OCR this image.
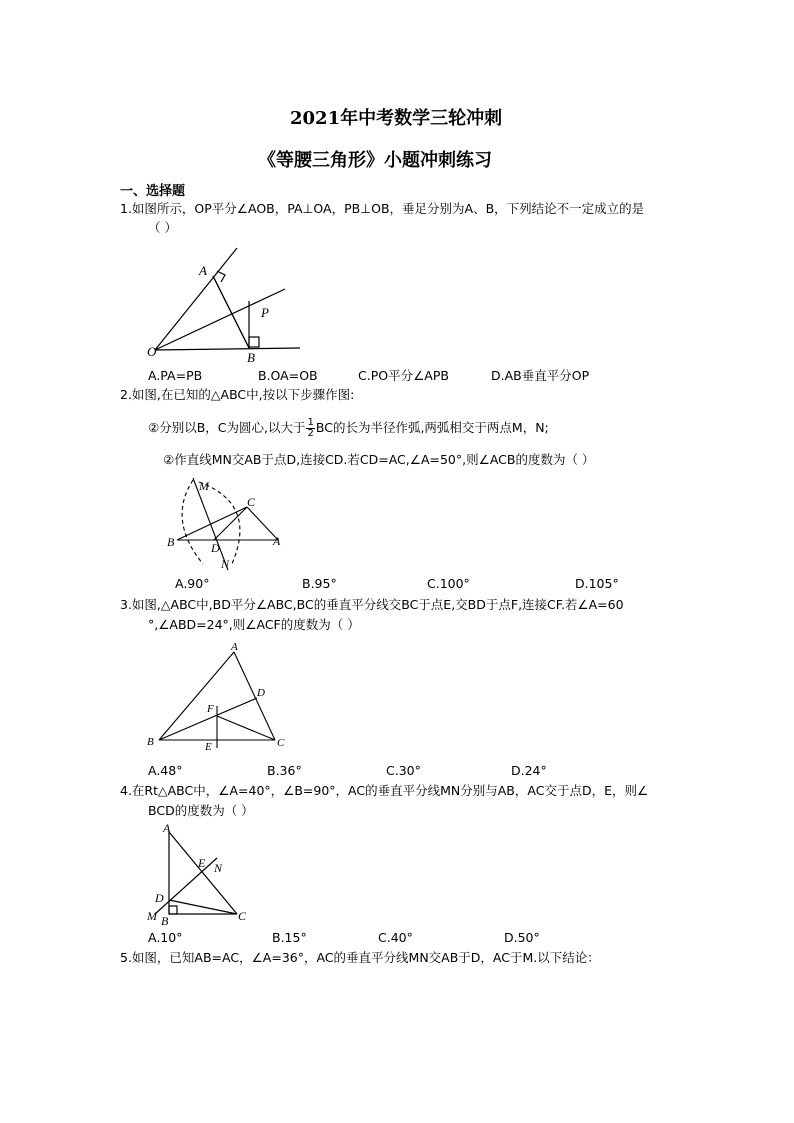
2021年中考数学三轮冲刺
《等腰三角形》小题冲刺练习
一、选择题
1.如图所示，OP平分∠AOB，PA⊥OA，PB⊥OB，垂足分别为A、B，下列结论不一定成立的是
（ ）
A
P
O	B
A.PA=PB	B.OA=OB	C.PO平分∠APB	D.AB垂直平分OP
2.如图,在已知的△ABC中,按以下步骤作图:
②分别以B，C为圆心,以大于 $\frac{1}{2}$ BC的长为半径作弧,两弧相交于两点M，N;
②作直线MN交AB于点D,连接CD.若CD=AC,∠A=50°,则∠ACB的度数为（ ）
M
C
B	D	A
N
A.90°	B.95°	C.100°	D.105°
3.如图,△ABC中,BD平分∠ABC,BC的垂直平分线交BC于点E,交BD于点F,连接CF.若∠A=60
°,∠ABD=24°,则∠ACF的度数为（ ）
A
D
F
B	E	C
A.48°	B.36°	C.30°	D.24°
4.在Rt△ABC中，∠A=40°，∠B=90°，AC的垂直平分线MN分别与AB，AC交于点D，E，则∠
BCD的度数为（ ）
A
E N
D
M B	C
A.10°	B.15°	C.40°	D.50°
5.如图，已知AB=AC，∠A=36°，AC的垂直平分线MN交AB于D，AC于M.以下结论：
